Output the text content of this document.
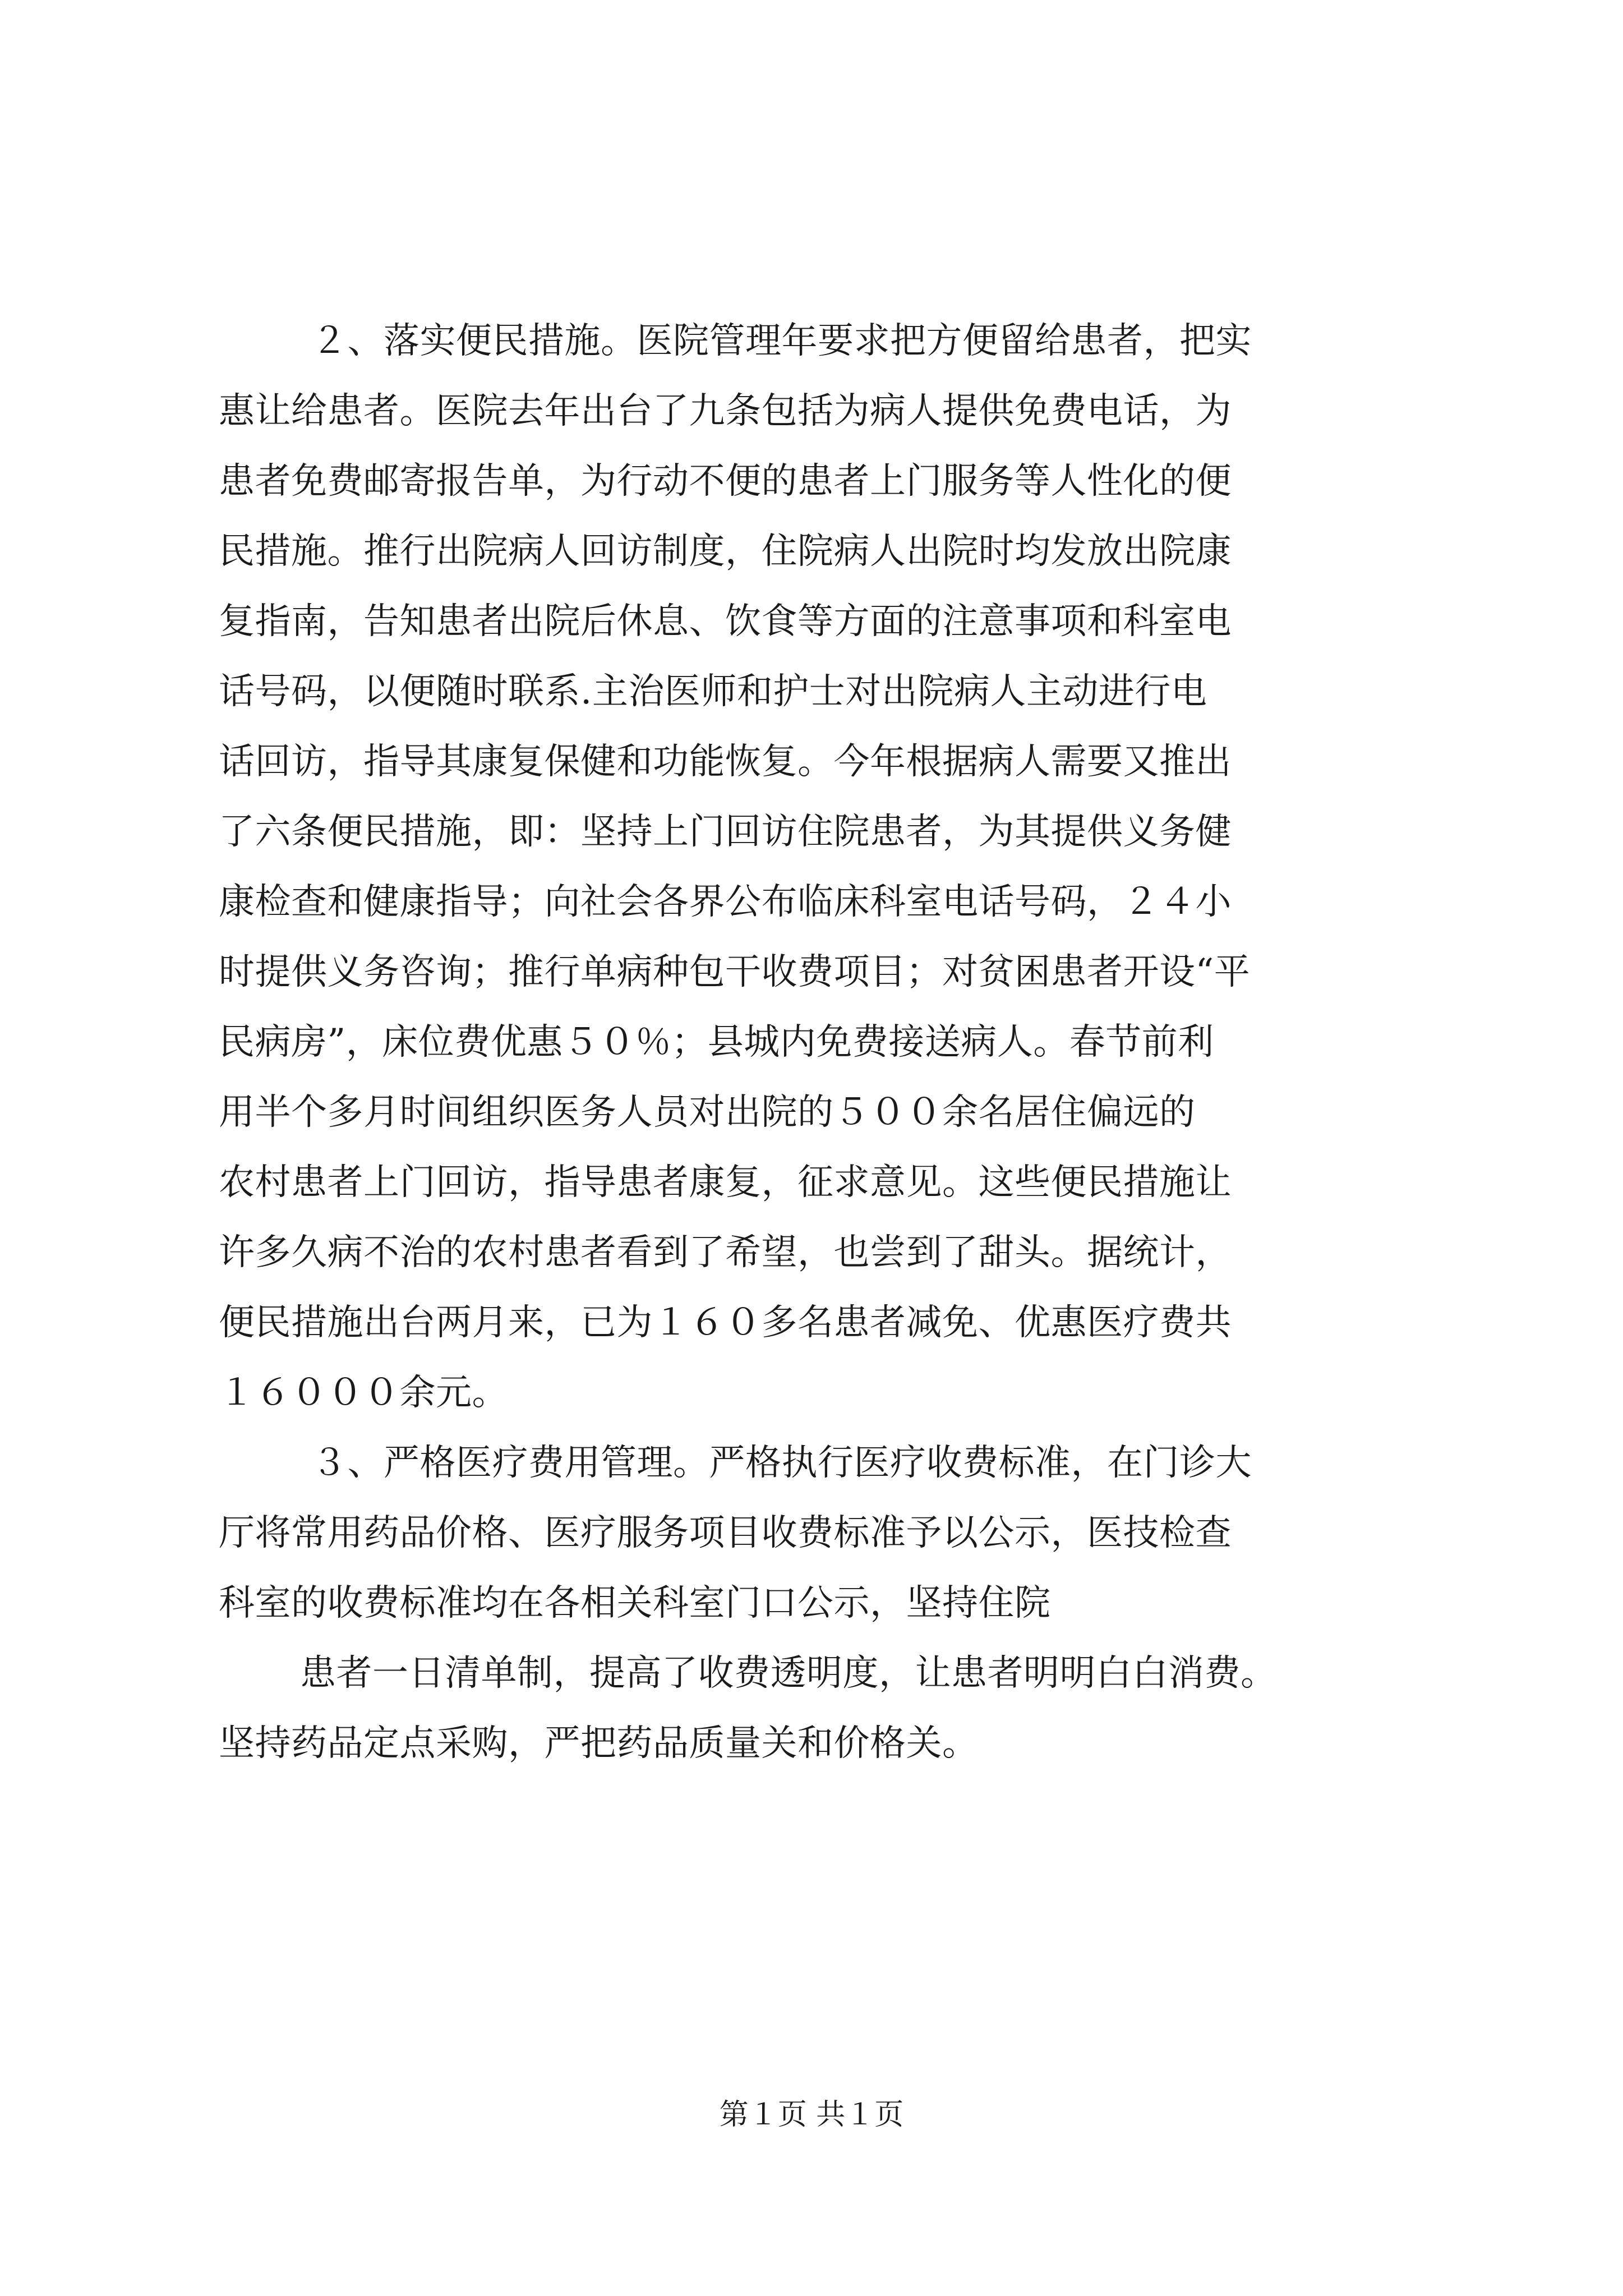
２、落实便民措施。医院管理年要求把方便留给患者，把实

惠让给患者。医院去年出台了九条包括为病人提供免费电话，为

患者免费邮寄报告单，为行动不便的患者上门服务等人性化的便

民措施。推行出院病人回访制度，住院病人出院时均发放出院康

复指南，告知患者出院后休息、饮食等方面的注意事项和科室电

话号码，以便随时联系.主治医师和护士对出院病人主动进行电

话回访，指导其康复保健和功能恢复。今年根据病人需要又推出

了六条便民措施，即：坚持上门回访住院患者，为其提供义务健

康检查和健康指导；向社会各界公布临床科室电话号码，２４小

时提供义务咨询；推行单病种包干收费项目；对贫困患者开设“平

民病房”，床位费优惠５０％；县城内免费接送病人。春节前利

用半个多月时间组织医务人员对出院的５００余名居住偏远的

农村患者上门回访，指导患者康复，征求意见。这些便民措施让

许多久病不治的农村患者看到了希望，也尝到了甜头。据统计，

便民措施出台两月来，已为１６０多名患者减免、优惠医疗费共

１６０００余元。

３、严格医疗费用管理。严格执行医疗收费标准，在门诊大

厅将常用药品价格、医疗服务项目收费标准予以公示，医技检查

科室的收费标准均在各相关科室门口公示，坚持住院

患者一日清单制，提高了收费透明度，让患者明明白白消费。

坚持药品定点采购，严把药品质量关和价格关。

第１页 共１页
